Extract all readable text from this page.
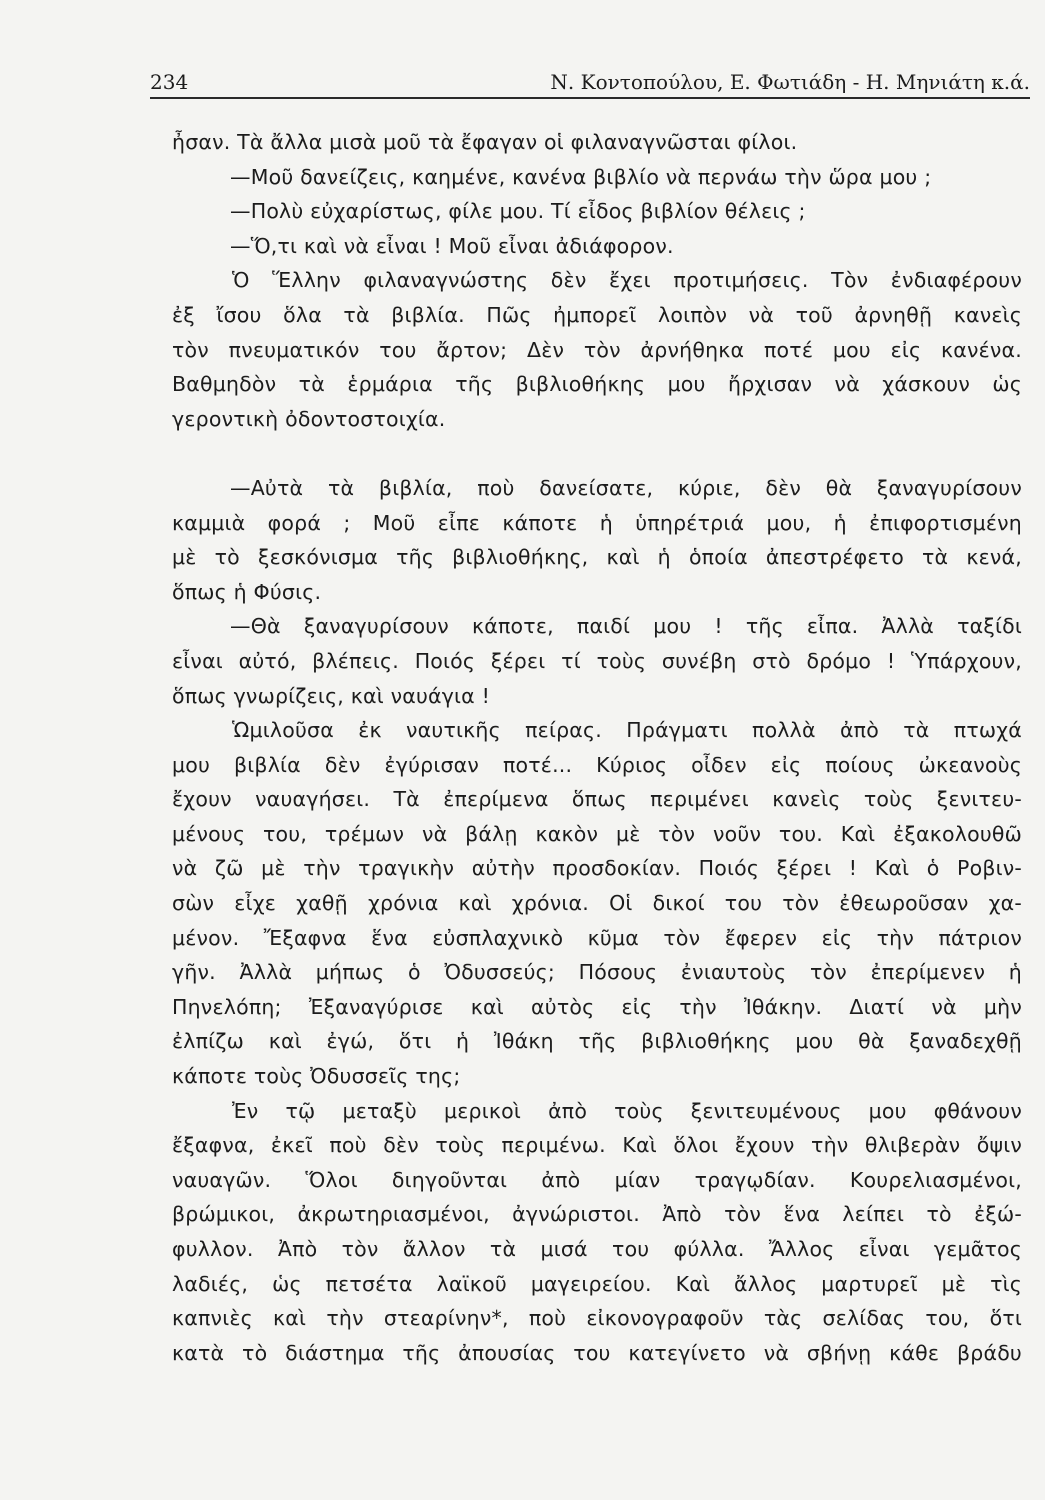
234	Ν. Κοντοπούλου, Ε. Φωτιάδη - Η. Μηνιάτη κ.ά.
ἦσαν. Τὰ ἄλλα μισὰ μοῦ τὰ ἔφαγαν οἱ φιλαναγνῶσται φίλοι.
—Μοῦ δανείζεις, καημένε, κανένα βιβλίο νὰ περνάω τὴν ὥρα μου ;
—Πολὺ εὐχαρίστως, φίλε μου. Τί εἶδος βιβλίον θέλεις ;
—Ὅ,τι καὶ νὰ εἶναι ! Μοῦ εἶναι ἀδιάφορον.
Ὁ Ἕλλην φιλαναγνώστης δὲν ἔχει προτιμήσεις. Τὸν ἐνδιαφέρουν
ἐξ ἴσου ὅλα τὰ βιβλία. Πῶς ἠμπορεῖ λοιπὸν νὰ τοῦ ἀρνηθῇ κανεὶς
τὸν πνευματικόν του ἄρτον; Δὲν τὸν ἀρνήθηκα ποτέ μου εἰς κανένα.
Βαθμηδὸν τὰ ἑρμάρια τῆς βιβλιοθήκης μου ἤρχισαν νὰ χάσκουν ὡς
γεροντικὴ ὀδοντοστοιχία.
—Αὐτὰ τὰ βιβλία, ποὺ δανείσατε, κύριε, δὲν θὰ ξαναγυρίσουν
καμμιὰ φορά ; Μοῦ εἶπε κάποτε ἡ ὑπηρέτριά μου, ἡ ἐπιφορτισμένη
μὲ τὸ ξεσκόνισμα τῆς βιβλιοθήκης, καὶ ἡ ὁποία ἀπεστρέφετο τὰ κενά,
ὅπως ἡ Φύσις.
—Θὰ ξαναγυρίσουν κάποτε, παιδί μου ! τῆς εἶπα. Ἀλλὰ ταξίδι
εἶναι αὐτό, βλέπεις. Ποιός ξέρει τί τοὺς συνέβη στὸ δρόμο ! Ὑπάρχουν,
ὅπως γνωρίζεις, καὶ ναυάγια !
Ὡμιλοῦσα ἐκ ναυτικῆς πείρας. Πράγματι πολλὰ ἀπὸ τὰ πτωχά
μου βιβλία δὲν ἐγύρισαν ποτέ... Κύριος οἶδεν εἰς ποίους ὠκεανοὺς
ἔχουν ναυαγήσει. Τὰ ἐπερίμενα ὅπως περιμένει κανεὶς τοὺς ξενιτευ-
μένους του, τρέμων νὰ βάλῃ κακὸν μὲ τὸν νοῦν του. Καὶ ἐξακολουθῶ
νὰ ζῶ μὲ τὴν τραγικὴν αὐτὴν προσδοκίαν. Ποιός ξέρει ! Καὶ ὁ Ροβιν-
σὼν εἶχε χαθῇ χρόνια καὶ χρόνια. Οἱ δικοί του τὸν ἐθεωροῦσαν χα-
μένον. Ἔξαφνα ἕνα εὐσπλαχνικὸ κῦμα τὸν ἔφερεν εἰς τὴν πάτριον
γῆν. Ἀλλὰ μήπως ὁ Ὀδυσσεύς; Πόσους ἐνιαυτοὺς τὸν ἐπερίμενεν ἡ
Πηνελόπη; Ἐξαναγύρισε καὶ αὐτὸς εἰς τὴν Ἰθάκην. Διατί νὰ μὴν
ἐλπίζω καὶ ἐγώ, ὅτι ἡ Ἰθάκη τῆς βιβλιοθήκης μου θὰ ξαναδεχθῇ
κάποτε τοὺς Ὀδυσσεῖς της;
Ἐν τῷ μεταξὺ μερικοὶ ἀπὸ τοὺς ξενιτευμένους μου φθάνουν
ἔξαφνα, ἐκεῖ ποὺ δὲν τοὺς περιμένω. Καὶ ὅλοι ἔχουν τὴν θλιβερὰν ὄψιν
ναυαγῶν. Ὅλοι διηγοῦνται ἀπὸ μίαν τραγῳδίαν. Κουρελιασμένοι,
βρώμικοι, ἀκρωτηριασμένοι, ἀγνώριστοι. Ἀπὸ τὸν ἕνα λείπει τὸ ἐξώ-
φυλλον. Ἀπὸ τὸν ἄλλον τὰ μισά του φύλλα. Ἄλλος εἶναι γεμᾶτος
λαδιές, ὡς πετσέτα λαϊκοῦ μαγειρείου. Καὶ ἄλλος μαρτυρεῖ μὲ τὶς
καπνιὲς καὶ τὴν στεαρίνην*, ποὺ εἰκονογραφοῦν τὰς σελίδας του, ὅτι
κατὰ τὸ διάστημα τῆς ἀπουσίας του κατεγίνετο νὰ σβήνῃ κάθε βράδυ
